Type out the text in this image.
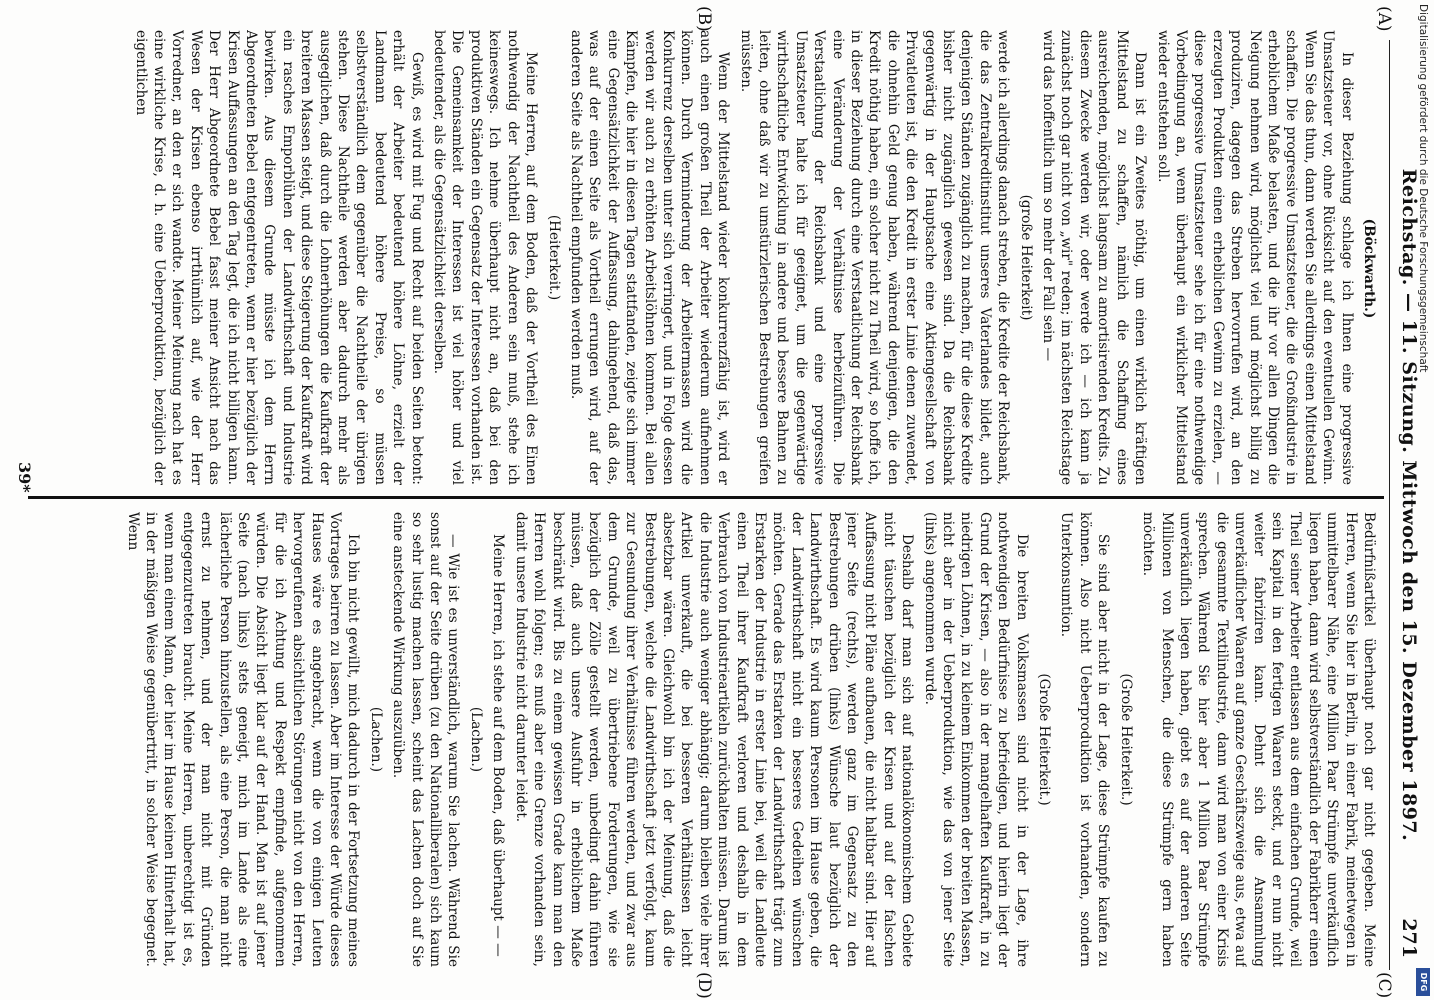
Reichstag. — 11. Sitzung. Mittwoch den 15. Dezember 1897.
271
(A)
(B)
(C)
(D)

(Böckwarth.)

In dieser Beziehung schlage ich Ihnen eine progressive Umsatzsteuer vor, ohne Rücksicht auf den eventuellen Gewinn. Wenn Sie das thun, dann werden Sie allerdings einen Mittelstand schaffen. Die progressive Umsatzsteuer, die die Großindustrie in erheblichem Maße belasten, und die ihr vor allen Dingen die Neigung nehmen wird, möglichst viel und möglichst billig zu produziren, dagegen das Streben hervorrufen wird, an den erzeugten Produkten einen erheblichen Gewinn zu erzielen, — diese progressive Umsatzsteuer sehe ich für eine nothwendige Vorbedingung an, wenn überhaupt ein wirklicher Mittelstand wieder entstehen soll.

Dann ist ein Zweites nöthig, um einen wirklich kräftigen Mittelstand zu schaffen, nämlich die Schaffung eines ausreichenden, möglichst langsam zu amortisirenden Kredits. Zu diesem Zwecke werden wir, oder werde ich — ich kann ja zunächst noch gar nicht von „wir" reden; im nächsten Reichstage wird das hoffentlich um so mehr der Fall sein —

(große Heiterkeit)

werde ich allerdings danach streben, die Kredite der Reichsbank, die das Zentralkreditinstitut unseres Vaterlandes bildet, auch denjenigen Ständen zugänglich zu machen, für die diese Kredite bisher nicht zugänglich gewesen sind. Da die Reichsbank gegenwärtig in der Hauptsache eine Aktiengesellschaft von Privatleuten ist, die den Kredit in erster Linie denen zuwendet, die ohnehin Geld genug haben, während denjenigen, die den Kredit nöthig haben, ein solcher nicht zu Theil wird, so hoffe ich, in dieser Beziehung durch eine Verstaatlichung der Reichsbank eine Veränderung der Verhältnisse herbeizuführen. Die Verstaatlichung der Reichsbank und eine progressive Umsatzsteuer halte ich für geeignet, um die gegenwärtige wirthschaftliche Entwicklung in andere und bessere Bahnen zu leiten, ohne daß wir zu umstürzlerischen Bestrebungen greifen müssten.

Wenn der Mittelstand wieder konkurrenzfähig ist, wird er auch einen großen Theil der Arbeiter wiederum aufnehmen können. Durch Verminderung der Arbeitermassen wird die Konkurrenz derselben unter sich verringert, und in Folge dessen werden wir auch zu erhöhten Arbeitslöhnen kommen. Bei allen Kämpfen, die hier in diesen Tagen stattfanden, zeigte sich immer eine Gegensätzlichkeit der Auffassung, dahingehend, daß das, was auf der einen Seite als Vortheil errungen wird, auf der anderen Seite als Nachtheil empfunden werden muß.

(Heiterkeit.)

Meine Herren, auf dem Boden, daß der Vortheil des Einen nothwendig der Nachtheil des Anderen sein muß, stehe ich keineswegs. Ich nehme überhaupt nicht an, daß bei den produktiven Ständen ein Gegensatz der Interessen vorhanden ist. Die Gemeinsamkeit der Interessen ist viel höher und viel bedeutender, als die Gegensätzlichkeit derselben.

Gewiß, es wird mit Fug und Recht auf beiden Seiten betont: erhält der Arbeiter bedeutend höhere Löhne, erzielt der Landmann bedeutend höhere Preise, so müssen selbstverständlich dem gegenüber die Nachtheile der übrigen stehen. Diese Nachtheile werden aber dadurch mehr als ausgeglichen, daß durch die Lohnerhöhungen die Kaufkraft der breiteren Massen steigt, und diese Steigerung der Kaufkraft wird ein rasches Emporblühen der Landwirthschaft und Industrie bewirken. Aus diesem Grunde müsste ich dem Herrn Abgeordneten Bebel entgegentreten, wenn er hier bezüglich der Krisen Auffassungen an den Tag legt, die ich nicht billigen kann. Der Herr Abgeordnete Bebel fasst meiner Ansicht nach das Wesen der Krisen ebenso irrthümlich auf, wie der Herr Vorredner, an den er sich wandte. Meiner Meinung nach hat es eine wirkliche Krise, d. h. eine Ueberproduktion, bezüglich der eigentlichen

Bedürfnißartikel überhaupt noch gar nicht gegeben. Meine Herren, wenn Sie hier in Berlin, in einer Fabrik, meinetwegen in unmittelbarer Nähe, eine Million Paar Strümpfe unverkäuflich liegen haben, dann wird selbstverständlich der Fabrikherr einen Theil seiner Arbeiter entlassen aus dem einfachen Grunde, weil sein Kapital in den fertigen Waaren steckt, und er nun nicht weiter fabriziren kann. Dehnt sich die Ansammlung unverkäuflicher Waaren auf ganze Geschäftszweige aus, etwa auf die gesammte Textilindustrie, dann wird man von einer Krisis sprechen. Während Sie hier aber 1 Million Paar Strümpfe unverkäuflich liegen haben, giebt es auf der anderen Seite Millionen von Menschen, die diese Strümpfe gern haben möchten.

(Große Heiterkeit.)

Sie sind aber nicht in der Lage, diese Strümpfe kaufen zu können. Also nicht Ueberproduktion ist vorhanden, sondern Unterkonsumtion.

(Große Heiterkeit.)

Die breiten Volksmassen sind nicht in der Lage, ihre nothwendigen Bedürfnisse zu befriedigen, und hierin liegt der Grund der Krisen, — also in der mangelhaften Kaufkraft, in zu niedrigen Löhnen, in zu kleinem Einkommen der breiten Massen, nicht aber in der Ueberproduktion, wie das von jener Seite (links) angenommen wurde.

Deshalb darf man sich auf nationalökonomischem Gebiete nicht täuschen bezüglich der Krisen und auf der falschen Auffassung nicht Pläne aufbauen, die nicht haltbar sind. Hier auf jener Seite (rechts), werden ganz im Gegensatz zu den Bestrebungen drüben (links) Wünsche laut bezüglich der Landwirthschaft. Es wird kaum Personen im Hause geben, die der Landwirthschaft nicht ein besseres Gedeihen wünschen möchten. Gerade das Erstarken der Landwirthschaft trägt zum Erstarken der Industrie in erster Linie bei, weil die Landleute einen Theil ihrer Kaufkraft verloren und deshalb in dem Verbrauch von Industrieartikeln zurückhalten müssen. Darum ist die Industrie auch weniger abhängig; darum bleiben viele ihrer Artikel unverkauft, die bei besseren Verhältnissen leicht absetzbar wären. Gleichwohl bin ich der Meinung, daß die Bestrebungen, welche die Landwirthschaft jetzt verfolgt, kaum zur Gesundung ihrer Verhältnisse führen werden, und zwar aus dem Grunde, weil zu übertriebene Forderungen, wie sie bezüglich der Zölle gestellt werden, unbedingt dahin führen müssen, daß auch unsere Ausfuhr in erheblichem Maße beschränkt wird. Bis zu einem gewissen Grade kann man den Herren wohl folgen; es muß aber eine Grenze vorhanden sein, damit unsere Industrie nicht darunter leidet.

Meine Herren, ich stehe auf dem Boden, daß überhaupt — —

(Lachen.)

— Wie ist es unverständlich, warum Sie lachen. Während Sie sonst auf der Seite drüben (zu den Nationalliberalen) sich kaum so sehr lustig machen lassen, scheint das Lachen doch auf Sie eine ansteckende Wirkung auszuüben.

(Lachen.)

Ich bin nicht gewillt, mich dadurch in der Fortsetzung meines Vortrages beirren zu lassen. Aber im Interesse der Würde dieses Hauses wäre es angebracht, wenn die von einigen Leuten hervorgerufenen absichtlichen Störungen nicht von den Herren, für die ich Achtung und Respekt empfinde, aufgenommen würden. Die Absicht liegt klar auf der Hand. Man ist auf jener Seite (nach links) stets geneigt, mich im Lande als eine lächerliche Person hinzustellen, als eine Person, die man nicht ernst zu nehmen, und der man nicht mit Gründen entgegenzutreten braucht. Meine Herren, unberechtigt ist es, wenn man einem Mann, der hier im Hause keinen Hinterhalt hat, in der mäßigen Weise gegenübertritt, in solcher Weise begegnet. Wenn

39*
Digitalisierung gefördert durch die Deutsche Forschungsgemeinschaft
DFG
